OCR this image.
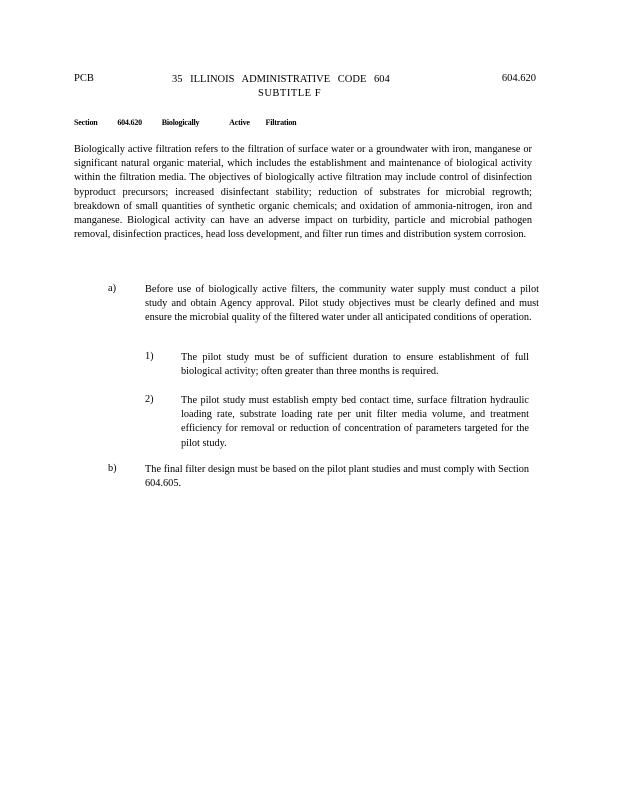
PCB	35 ILLINOIS ADMINISTRATIVE CODE 604
SUBTITLE F
604.620
Section 604.620 Biologically	Active Filtration
Biologically active filtration refers to the filtration of surface water or a groundwater with iron, manganese or significant natural organic material, which includes the establishment and maintenance of biological activity within the filtration media. The objectives of biologically active filtration may include control of disinfection byproduct precursors; increased disinfectant stability; reduction of substrates for microbial regrowth; breakdown of small quantities of synthetic organic chemicals; and oxidation of ammonia-nitrogen, iron and manganese. Biological activity can have an adverse impact on turbidity, particle and microbial pathogen removal, disinfection practices, head loss development, and filter run times and distribution system corrosion.
a)	Before use of biologically active filters, the community water supply must conduct a pilot study and obtain Agency approval. Pilot study objectives must be clearly defined and must ensure the microbial quality of the filtered water under all anticipated conditions of operation.
1)	The pilot study must be of sufficient duration to ensure establishment of full biological activity; often greater than three months is required.
2)	The pilot study must establish empty bed contact time, surface filtration hydraulic loading rate, substrate loading rate per unit filter media volume, and treatment efficiency for removal or reduction of concentration of parameters targeted for the pilot study.
b)	The final filter design must be based on the pilot plant studies and must comply with Section 604.605.
